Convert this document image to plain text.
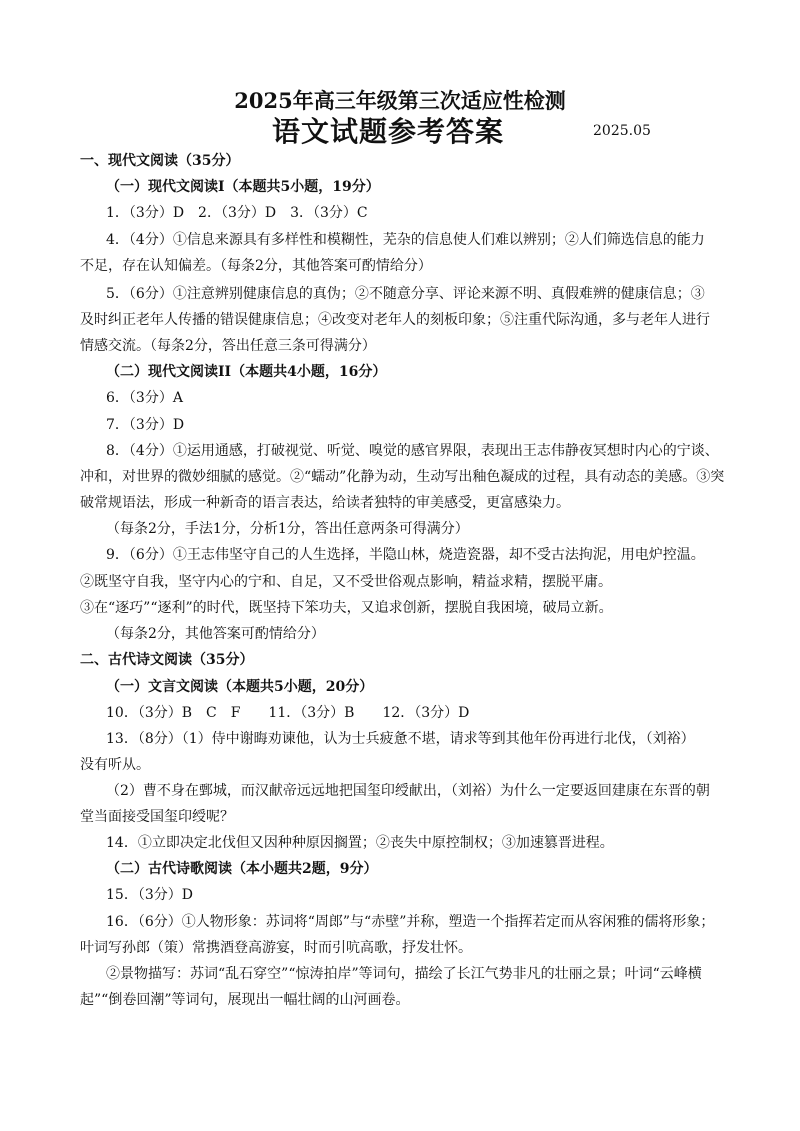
2025年高三年级第三次适应性检测
语文试题参考答案	2025.05
一、现代文阅读（35分）
（一）现代文阅读I（本题共5小题，19分）
1．（3分）D　2．（3分）D　3．（3分）C
4．（4分）①信息来源具有多样性和模糊性，芜杂的信息使人们难以辨别；②人们筛选信息的能力
不足，存在认知偏差。（每条2分，其他答案可酌情给分）
5．（6分）①注意辨别健康信息的真伪；②不随意分享、评论来源不明、真假难辨的健康信息；③
及时纠正老年人传播的错误健康信息；④改变对老年人的刻板印象；⑤注重代际沟通，多与老年人进行
情感交流。（每条2分，答出任意三条可得满分）
（二）现代文阅读II（本题共4小题，16分）
6．（3分）A
7．（3分）D
8．（4分）①运用通感，打破视觉、听觉、嗅觉的感官界限，表现出王志伟静夜冥想时内心的宁谈、
冲和，对世界的微妙细腻的感觉。②“蠕动”化静为动，生动写出釉色凝成的过程，具有动态的美感。③突
破常规语法，形成一种新奇的语言表达，给读者独特的审美感受，更富感染力。
（每条2分，手法1分，分析1分，答出任意两条可得满分）
9．（6分）①王志伟坚守自己的人生选择，半隐山林，烧造瓷器，却不受古法拘泥，用电炉控温。
②既坚守自我，坚守内心的宁和、自足，又不受世俗观点影响，精益求精，摆脱平庸。
③在“逐巧”“逐利”的时代，既坚持下笨功夫，又追求创新，摆脱自我困境，破局立新。
（每条2分，其他答案可酌情给分）
二、古代诗文阅读（35分）
（一）文言文阅读（本题共5小题，20分）
10．（3分）B　C　F　　11．（3分）B　　12．（3分）D
13．（8分）（1）侍中谢晦劝谏他，认为士兵疲惫不堪，请求等到其他年份再进行北伐，（刘裕）
没有听从。
（2）曹不身在鄄城，而汉献帝远远地把国玺印绶献出，（刘裕）为什么一定要返回建康在东晋的朝
堂当面接受国玺印绶呢？
14．①立即决定北伐但又因种种原因搁置；②丧失中原控制权；③加速篡晋进程。
（二）古代诗歌阅读（本小题共2题，9分）
15．（3分）D
16．（6分）①人物形象：苏词将“周郎”与“赤壁”并称，塑造一个指挥若定而从容闲雅的儒将形象；
叶词写孙郎（策）常携酒登高游宴，时而引吭高歌，抒发壮怀。
②景物描写：苏词“乱石穿空”“惊涛拍岸”等词句，描绘了长江气势非凡的壮丽之景；叶词“云峰横
起”“倒卷回潮”等词句，展现出一幅壮阔的山河画卷。
